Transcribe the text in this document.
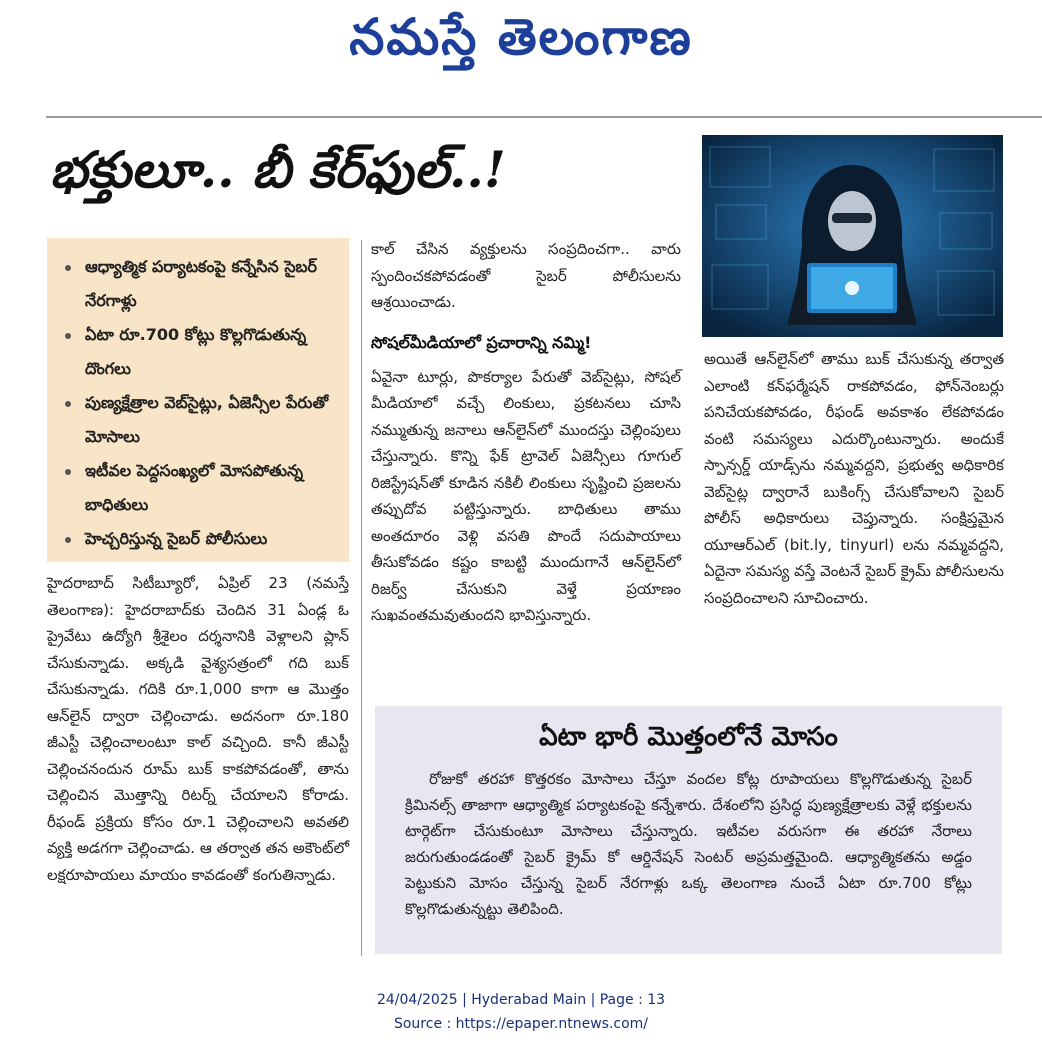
నమస్తే తెలంగాణ
భక్తులూ.. బీ కేర్‌ఫుల్‌..!
ఆధ్యాత్మిక పర్యాటకంపై కన్నేసిన సైబర్‌ నేరగాళ్లు
ఏటా రూ.700 కోట్లు కొల్లగొడుతున్న దొంగలు
పుణ్యక్షేత్రాల వెబ్‌సైట్లు, ఏజెన్సీల పేరుతో మోసాలు
ఇటీవల పెద్దసంఖ్యలో మోసపోతున్న బాధితులు
హెచ్చరిస్తున్న సైబర్‌ పోలీసులు

హైదరాబాద్‌ సిటీబ్యూరో, ఏప్రిల్‌ 23 (నమస్తే తెలంగాణ): హైదరాబాద్‌కు చెందిన 31 ఏండ్ల ఓ ప్రైవేటు ఉద్యోగి శ్రీశైలం దర్శనానికి వెళ్లాలని ప్లాన్‌ చేసుకున్నాడు. అక్కడి వైశ్యసత్రంలో గది బుక్‌ చేసుకున్నాడు. గదికి రూ.1,000 కాగా ఆ మొత్తం ఆన్‌లైన్‌ ద్వారా చెల్లించాడు. అదనంగా రూ.180 జీఎస్టీ చెల్లించాలంటూ కాల్‌ వచ్చింది. కానీ జీఎస్టీ చెల్లించనందున రూమ్‌ బుక్‌ కాకపోవడంతో, తాను చెల్లించిన మొత్తాన్ని రిటర్న్‌ చేయాలని కోరాడు. రీఫండ్‌ ప్రక్రియ కోసం రూ.1 చెల్లించాలని అవతలి వ్యక్తి అడగగా చెల్లించాడు. ఆ తర్వాత తన అకౌంట్‌లో లక్షరూపాయలు మాయం కావడంతో కంగుతిన్నాడు.

కాల్‌ చేసిన వ్యక్తులను సంప్రదించగా.. వారు స్పందించకపోవడంతో సైబర్‌ పోలీసులను ఆశ్రయించాడు.

సోషల్‌మీడియాలో ప్రచారాన్ని నమ్మి!

ఏవైనా టూర్లు, పొకర్యాల పేరుతో వెబ్‌సైట్లు, సోషల్‌ మీడియాలో వచ్చే లింకులు, ప్రకటనలు చూసి నమ్ముతున్న జనాలు ఆన్‌లైన్‌లో ముందస్తు చెల్లింపులు చేస్తున్నారు. కొన్ని ఫేక్‌ ట్రావెల్‌ ఏజెన్సీలు గూగుల్‌ రిజిస్ట్రేషన్‌తో కూడిన నకిలీ లింకులు సృష్టించి ప్రజలను తప్పుదోవ పట్టిస్తున్నారు. బాధితులు తాము అంతదూరం వెళ్లి వసతి పొందే సదుపాయాలు తీసుకోవడం కష్టం కాబట్టి ముందుగానే ఆన్‌లైన్‌లో రిజర్వ్‌ చేసుకుని వెళ్తే ప్రయాణం సుఖవంతమవుతుందని భావిస్తున్నారు.

అయితే ఆన్‌లైన్‌లో తాము బుక్‌ చేసుకున్న తర్వాత ఎలాంటి కన్‌ఫర్మేషన్‌ రాకపోవడం, ఫోన్‌నెంబర్లు పనిచేయకపోవడం, రీఫండ్‌ అవకాశం లేకపోవడం వంటి సమస్యలు ఎదుర్కొంటున్నారు. అందుకే స్పాన్సర్డ్‌ యాడ్స్‌ను నమ్మవద్దని, ప్రభుత్వ అధికారిక వెబ్‌సైట్ల ద్వారానే బుకింగ్స్‌ చేసుకోవాలని సైబర్‌ పోలీస్‌ అధికారులు చెప్తున్నారు. సంక్షిప్తమైన యూఆర్‌ఎల్‌ (bit.ly, tinyurl) లను నమ్మవద్దని, ఏదైనా సమస్య వస్తే వెంటనే సైబర్‌ క్రైమ్‌ పోలీసులను సంప్రదించాలని సూచించారు.

ఏటా భారీ మొత్తంలోనే మోసం
రోజుకో తరహా కొత్తరకం మోసాలు చేస్తూ వందల కోట్ల రూపాయలు కొల్లగొడుతున్న సైబర్‌ క్రిమినల్స్‌ తాజాగా ఆధ్యాత్మిక పర్యాటకంపై కన్నేశారు. దేశంలోని ప్రసిద్ధ పుణ్యక్షేత్రాలకు వెళ్లే భక్తులను టార్గెట్‌గా చేసుకుంటూ మోసాలు చేస్తున్నారు. ఇటీవల వరుసగా ఈ తరహా నేరాలు జరుగుతుండడంతో సైబర్‌ క్రైమ్‌ కో ఆర్డినేషన్‌ సెంటర్‌ అప్రమత్తమైంది. ఆధ్యాత్మికతను అడ్డం పెట్టుకుని మోసం చేస్తున్న సైబర్‌ నేరగాళ్లు ఒక్క తెలంగాణ నుంచే ఏటా రూ.700 కోట్లు కొల్లగొడుతున్నట్టు తెలిపింది.
24/04/2025 | Hyderabad Main | Page : 13
Source : https://epaper.ntnews.com/
